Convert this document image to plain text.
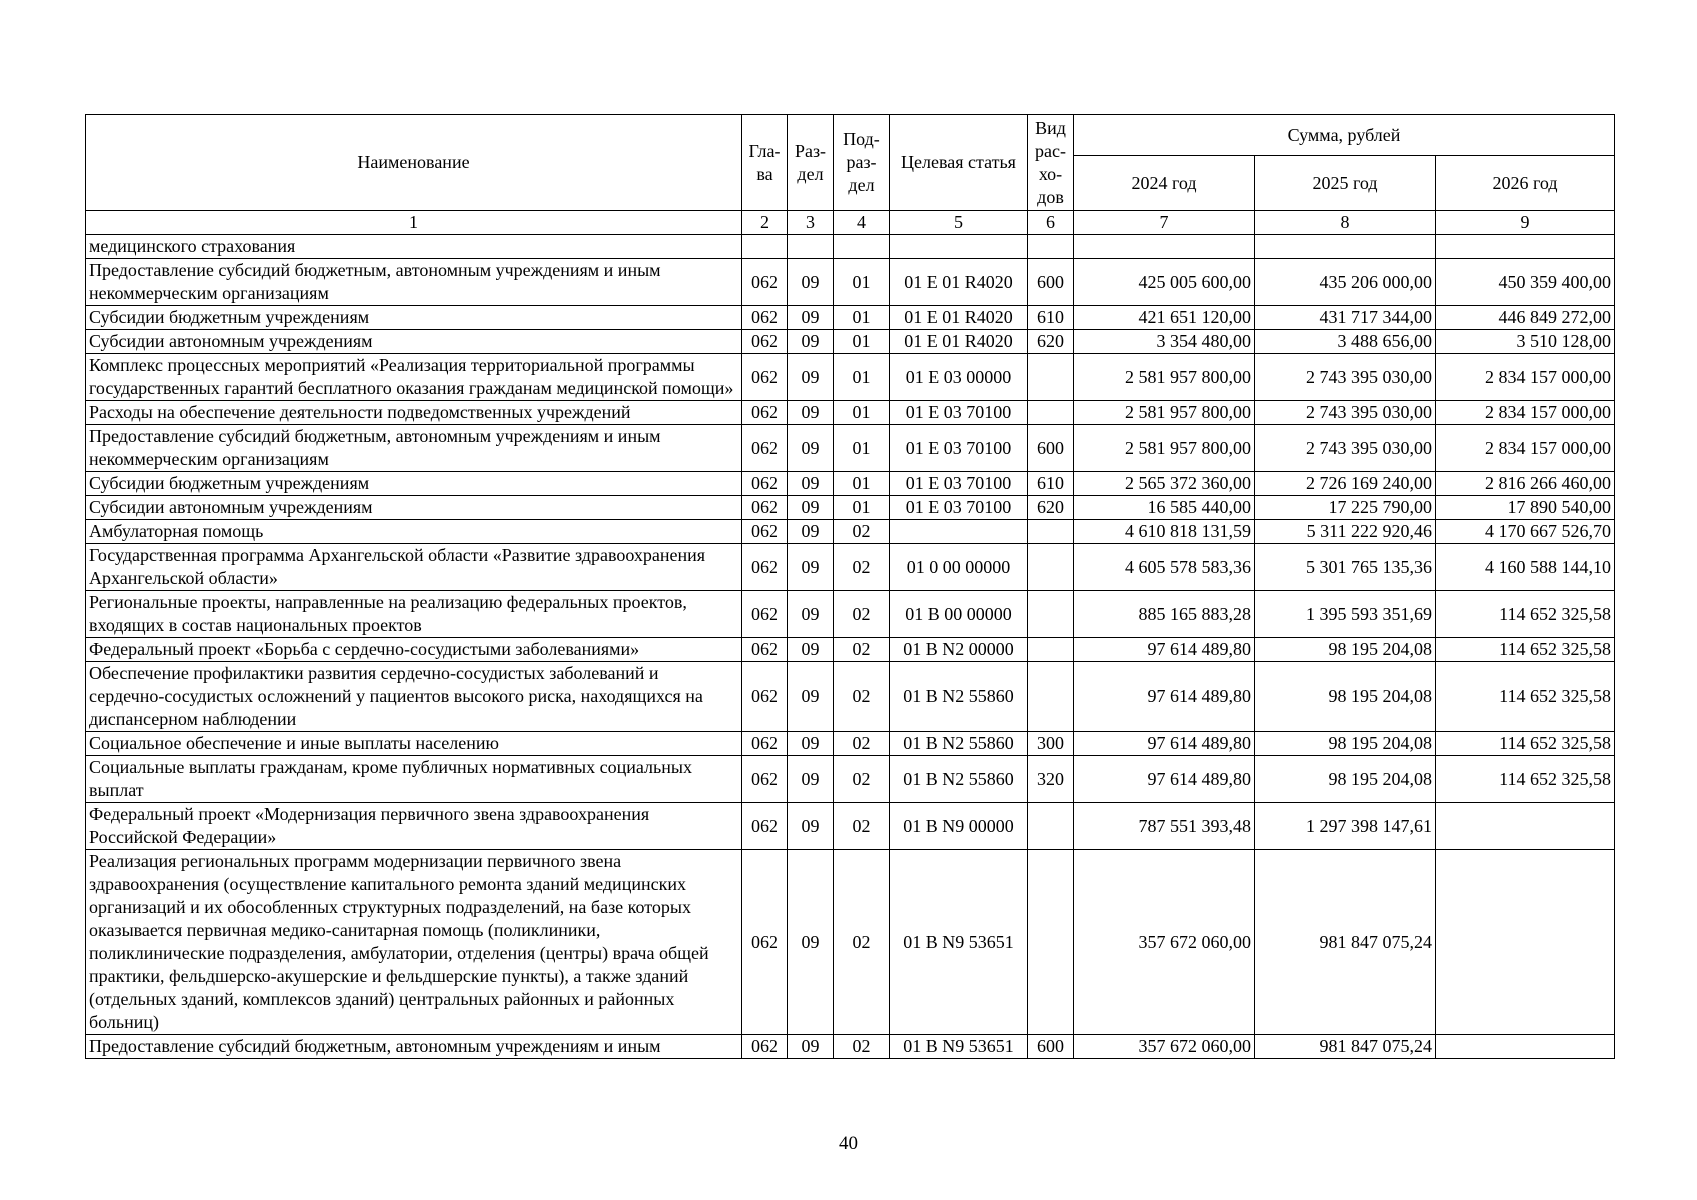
Наименование	Гла-ва	Раз-дел	Под-раз-дел	Целевая статья	Вид рас-хо-дов	Сумма, рублей		
						2024 год	2025 год	2026 год
1	2	3	4	5	6	7	8	9
медицинского страхования								
Предоставление субсидий бюджетным, автономным учреждениям и иным некоммерческим организациям	062	09	01	01 Е 01 R4020	600	425 005 600,00	435 206 000,00	450 359 400,00
Субсидии бюджетным учреждениям	062	09	01	01 Е 01 R4020	610	421 651 120,00	431 717 344,00	446 849 272,00
Субсидии автономным учреждениям	062	09	01	01 Е 01 R4020	620	3 354 480,00	3 488 656,00	3 510 128,00
Комплекс процессных мероприятий «Реализация территориальной программы государственных гарантий бесплатного оказания гражданам медицинской помощи»	062	09	01	01 Е 03 00000		2 581 957 800,00	2 743 395 030,00	2 834 157 000,00
Расходы на обеспечение деятельности подведомственных учреждений	062	09	01	01 Е 03 70100		2 581 957 800,00	2 743 395 030,00	2 834 157 000,00
Предоставление субсидий бюджетным, автономным учреждениям и иным некоммерческим организациям	062	09	01	01 Е 03 70100	600	2 581 957 800,00	2 743 395 030,00	2 834 157 000,00
Субсидии бюджетным учреждениям	062	09	01	01 Е 03 70100	610	2 565 372 360,00	2 726 169 240,00	2 816 266 460,00
Субсидии автономным учреждениям	062	09	01	01 Е 03 70100	620	16 585 440,00	17 225 790,00	17 890 540,00
Амбулаторная помощь	062	09	02			4 610 818 131,59	5 311 222 920,46	4 170 667 526,70
Государственная программа Архангельской области «Развитие здравоохранения Архангельской области»	062	09	02	01 0 00 00000		4 605 578 583,36	5 301 765 135,36	4 160 588 144,10
Региональные проекты, направленные на реализацию федеральных проектов, входящих в состав национальных проектов	062	09	02	01 В 00 00000		885 165 883,28	1 395 593 351,69	114 652 325,58
Федеральный проект «Борьба с сердечно-сосудистыми заболеваниями»	062	09	02	01 В N2 00000		97 614 489,80	98 195 204,08	114 652 325,58
Обеспечение профилактики развития сердечно-сосудистых заболеваний и сердечно-сосудистых осложнений у пациентов высокого риска, находящихся на диспансерном наблюдении	062	09	02	01 В N2 55860		97 614 489,80	98 195 204,08	114 652 325,58
Социальное обеспечение и иные выплаты населению	062	09	02	01 В N2 55860	300	97 614 489,80	98 195 204,08	114 652 325,58
Социальные выплаты гражданам, кроме публичных нормативных социальных выплат	062	09	02	01 В N2 55860	320	97 614 489,80	98 195 204,08	114 652 325,58
Федеральный проект «Модернизация первичного звена здравоохранения Российской Федерации»	062	09	02	01 В N9 00000		787 551 393,48	1 297 398 147,61	
Реализация региональных программ модернизации первичного звена здравоохранения (осуществление капитального ремонта зданий медицинских организаций и их обособленных структурных подразделений, на базе которых оказывается первичная медико-санитарная помощь (поликлиники, поликлинические подразделения, амбулатории, отделения (центры) врача общей практики, фельдшерско-акушерские и фельдшерские пункты), а также зданий (отдельных зданий, комплексов зданий) центральных районных и районных больниц)	062	09	02	01 В N9 53651		357 672 060,00	981 847 075,24	
Предоставление субсидий бюджетным, автономным учреждениям и иным	062	09	02	01 В N9 53651	600	357 672 060,00	981 847 075,24	
40
